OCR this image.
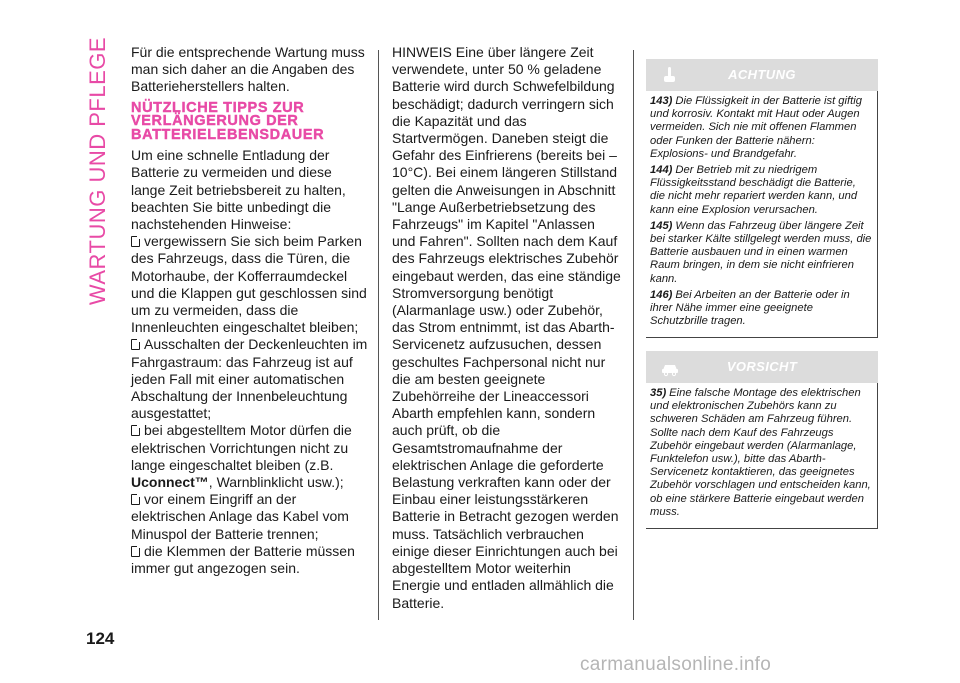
WARTUNG UND PFLEGE Für die entsprechende Wartung muss man sich daher an die Angaben des Batterieherstellers halten.

NÜTZLICHE TIPPS ZUR VERLÄNGERUNG DER BATTERIELEBENSDAUER

Um eine schnelle Entladung der Batterie zu vermeiden und diese lange Zeit betriebsbereit zu halten, beachten Sie bitte unbedingt die nachstehenden Hinweise:

vergewissern Sie sich beim Parken des Fahrzeugs, dass die Türen, die Motorhaube, der Kofferraumdeckel und die Klappen gut geschlossen sind um zu vermeiden, dass die Innenleuchten eingeschaltet bleiben;

Ausschalten der Deckenleuchten im Fahrgastraum: das Fahrzeug ist auf jeden Fall mit einer automatischen Abschaltung der Innenbeleuchtung ausgestattet;

bei abgestelltem Motor dürfen die elektrischen Vorrichtungen nicht zu lange eingeschaltet bleiben (z.B. Uconnect™, Warnblinklicht usw.);

vor einem Eingriff an der elektrischen Anlage das Kabel vom Minuspol der Batterie trennen;

die Klemmen der Batterie müssen immer gut angezogen sein.

HINWEIS Eine über längere Zeit verwendete, unter 50 % geladene Batterie wird durch Schwefelbildung beschädigt; dadurch verringern sich die Kapazität und das Startvermögen. Daneben steigt die Gefahr des Einfrierens (bereits bei –10°C). Bei einem längeren Stillstand gelten die Anweisungen in Abschnitt "Lange Außerbetriebsetzung des Fahrzeugs" im Kapitel "Anlassen und Fahren". Sollten nach dem Kauf des Fahrzeugs elektrisches Zubehör eingebaut werden, das eine ständige Stromversorgung benötigt (Alarmanlage usw.) oder Zubehör, das Strom entnimmt, ist das Abarth-Servicenetz aufzusuchen, dessen geschultes Fachpersonal nicht nur die am besten geeignete Zubehörreihe der Lineaccessori Abarth empfehlen kann, sondern auch prüft, ob die Gesamtstromaufnahme der elektrischen Anlage die geforderte Belastung verkraften kann oder der Einbau einer leistungsstärkeren Batterie in Betracht gezogen werden muss. Tatsächlich verbrauchen einige dieser Einrichtungen auch bei abgestelltem Motor weiterhin Energie und entladen allmählich die Batterie.

ACHTUNG

143) Die Flüssigkeit in der Batterie ist giftig und korrosiv. Kontakt mit Haut oder Augen vermeiden. Sich nie mit offenen Flammen oder Funken der Batterie nähern: Explosions- und Brandgefahr.

144) Der Betrieb mit zu niedrigem Flüssigkeitsstand beschädigt die Batterie, die nicht mehr repariert werden kann, und kann eine Explosion verursachen.

145) Wenn das Fahrzeug über längere Zeit bei starker Kälte stillgelegt werden muss, die Batterie ausbauen und in einen warmen Raum bringen, in dem sie nicht einfrieren kann.

146) Bei Arbeiten an der Batterie oder in ihrer Nähe immer eine geeignete Schutzbrille tragen.

VORSICHT

35) Eine falsche Montage des elektrischen und elektronischen Zubehörs kann zu schweren Schäden am Fahrzeug führen. Sollte nach dem Kauf des Fahrzeugs Zubehör eingebaut werden (Alarmanlage, Funktelefon usw.), bitte das Abarth-Servicenetz kontaktieren, das geeignetes Zubehör vorschlagen und entscheiden kann, ob eine stärkere Batterie eingebaut werden muss.

124
carmanualsonline.info
